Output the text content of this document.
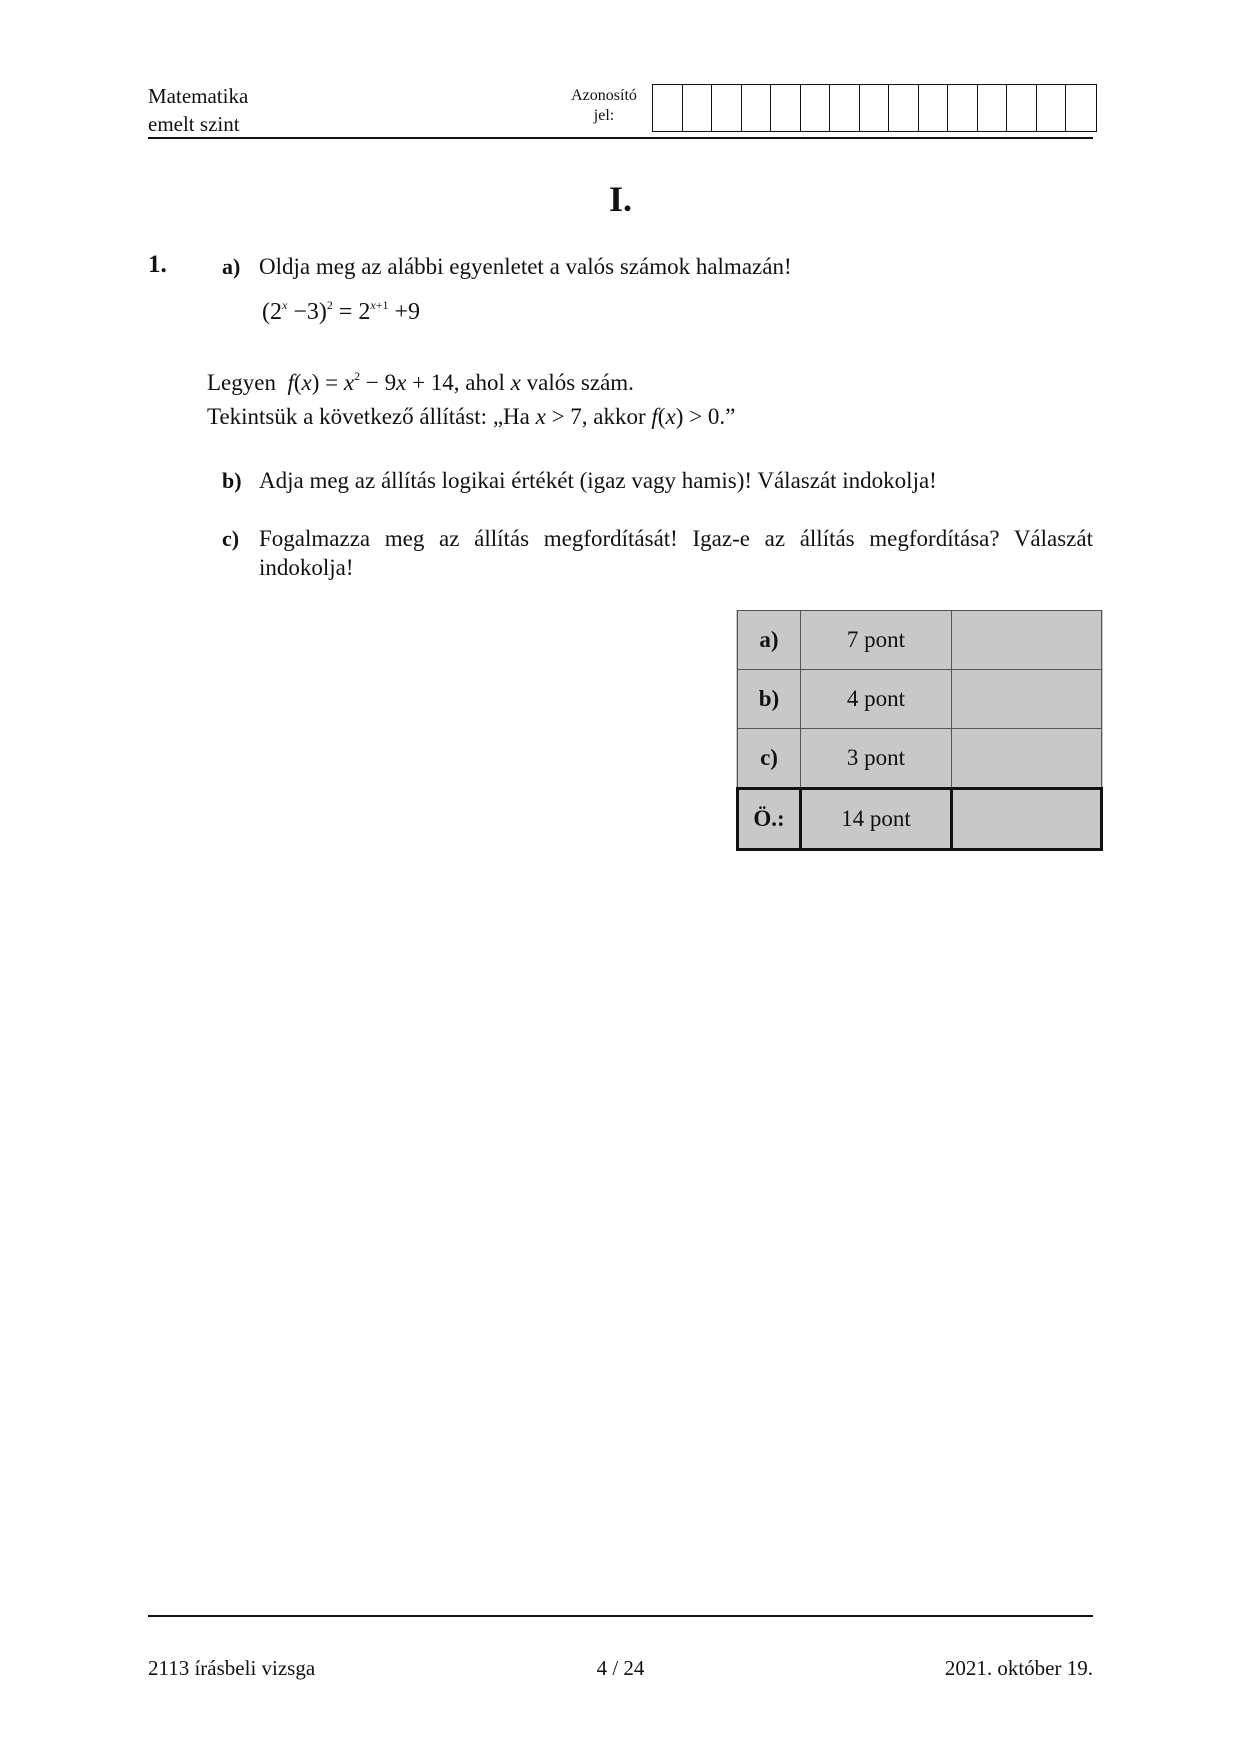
Matematika
emelt szint
Azonosító
jel:
I.
1.	a) Oldja meg az alábbi egyenletet a valós számok halmazán!
$(2^x -3)^2 = 2^{x+1} +9$
Legyen $f(x) = x^2 - 9x + 14$, ahol x valós szám.
Tekintsük a következő állítást: „Ha x > 7, akkor f(x) > 0.”
b) Adja meg az állítás logikai értékét (igaz vagy hamis)! Válaszát indokolja!
c) Fogalmazza meg az állítás megfordítását! Igaz-e az állítás megfordítása? Válaszát indokolja!
a)	7 pont	
b)	4 pont	
c)	3 pont	
Ö.:	14 pont	
2113 írásbeli vizsga	4 / 24	2021. október 19.
